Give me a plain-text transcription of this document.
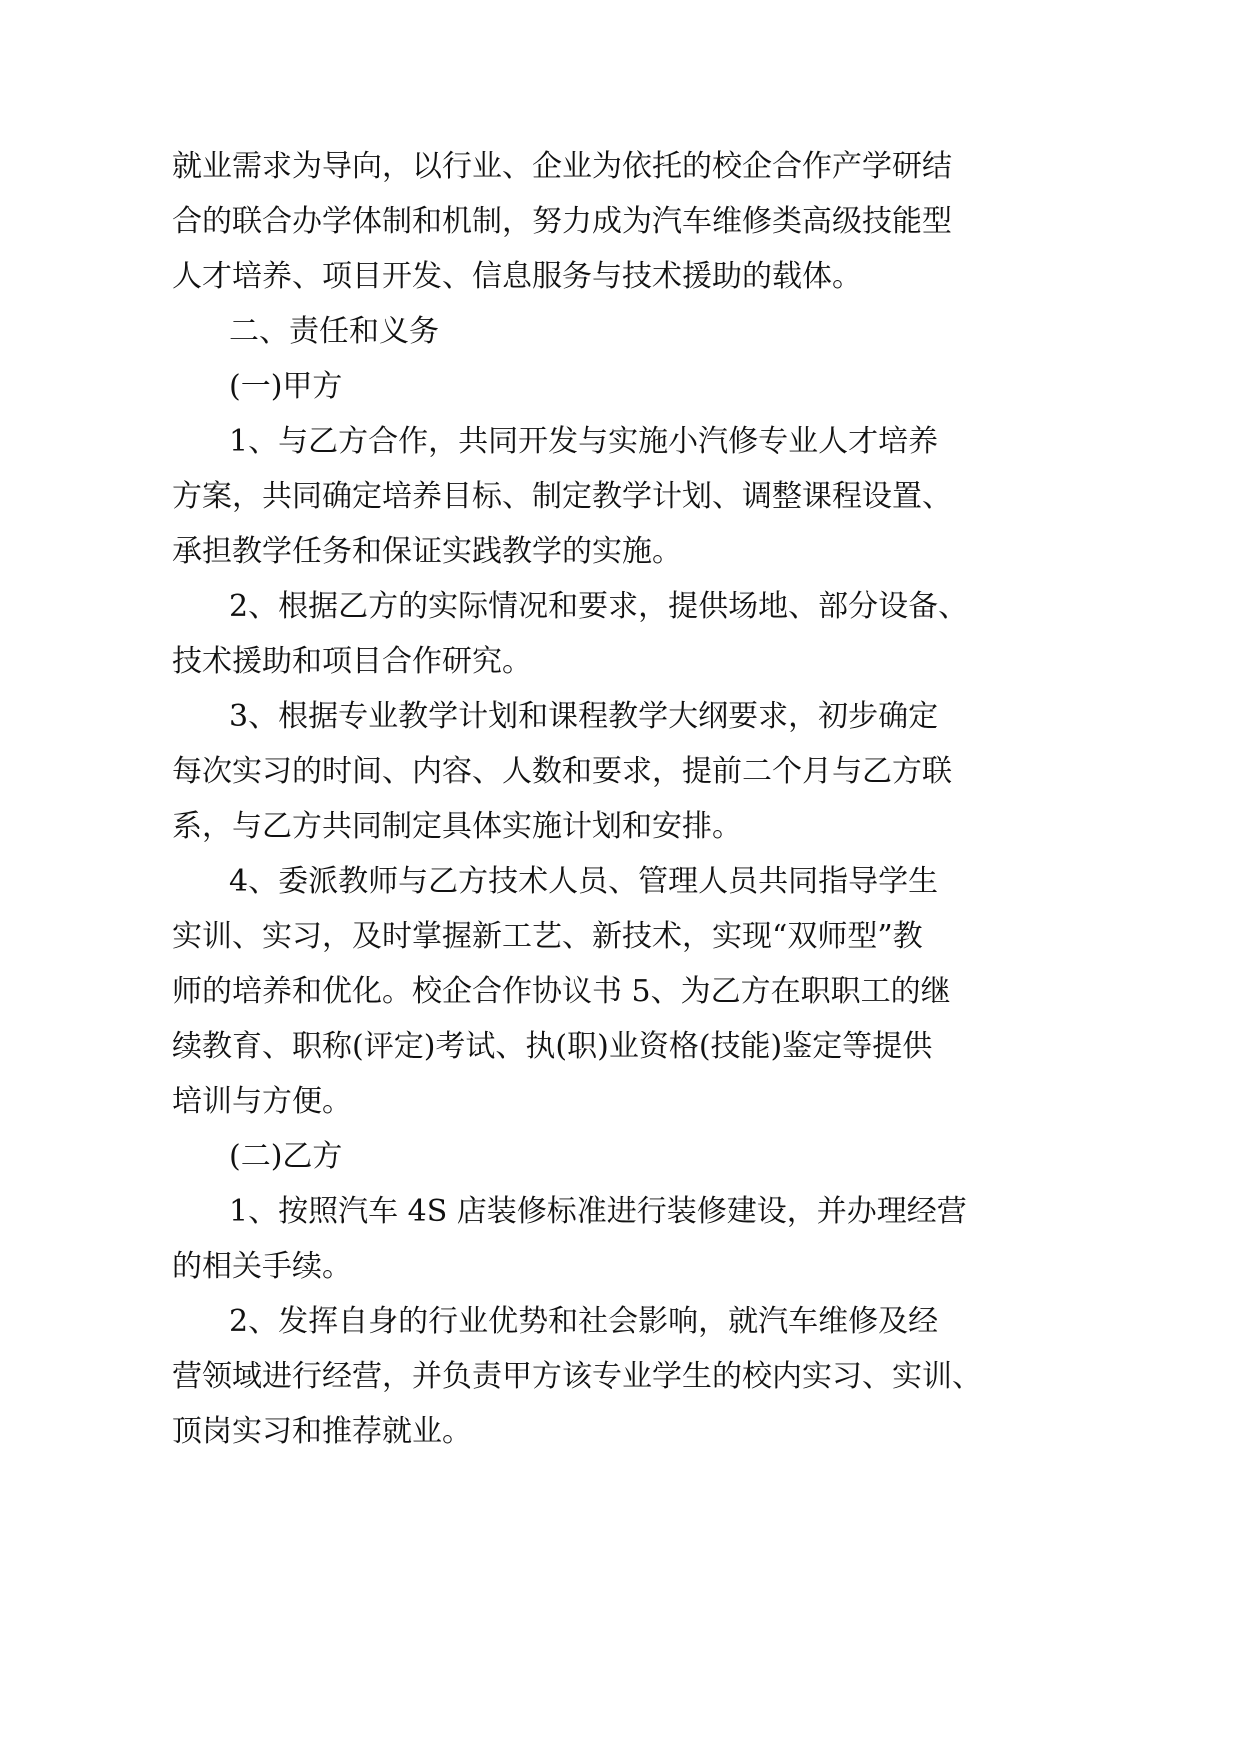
就业需求为导向，以行业、企业为依托的校企合作产学研结
合的联合办学体制和机制，努力成为汽车维修类高级技能型
人才培养、项目开发、信息服务与技术援助的载体。
二、责任和义务
(一)甲方
1、与乙方合作，共同开发与实施小汽修专业人才培养
方案，共同确定培养目标、制定教学计划、调整课程设置、
承担教学任务和保证实践教学的实施。
2、根据乙方的实际情况和要求，提供场地、部分设备、
技术援助和项目合作研究。
3、根据专业教学计划和课程教学大纲要求，初步确定
每次实习的时间、内容、人数和要求，提前二个月与乙方联
系，与乙方共同制定具体实施计划和安排。
4、委派教师与乙方技术人员、管理人员共同指导学生
实训、实习，及时掌握新工艺、新技术，实现“双师型”教
师的培养和优化。校企合作协议书 5、为乙方在职职工的继
续教育、职称(评定)考试、执(职)业资格(技能)鉴定等提供
培训与方便。
(二)乙方
1、按照汽车 4S 店装修标准进行装修建设，并办理经营
的相关手续。
2、发挥自身的行业优势和社会影响，就汽车维修及经
营领域进行经营，并负责甲方该专业学生的校内实习、实训、
顶岗实习和推荐就业。
